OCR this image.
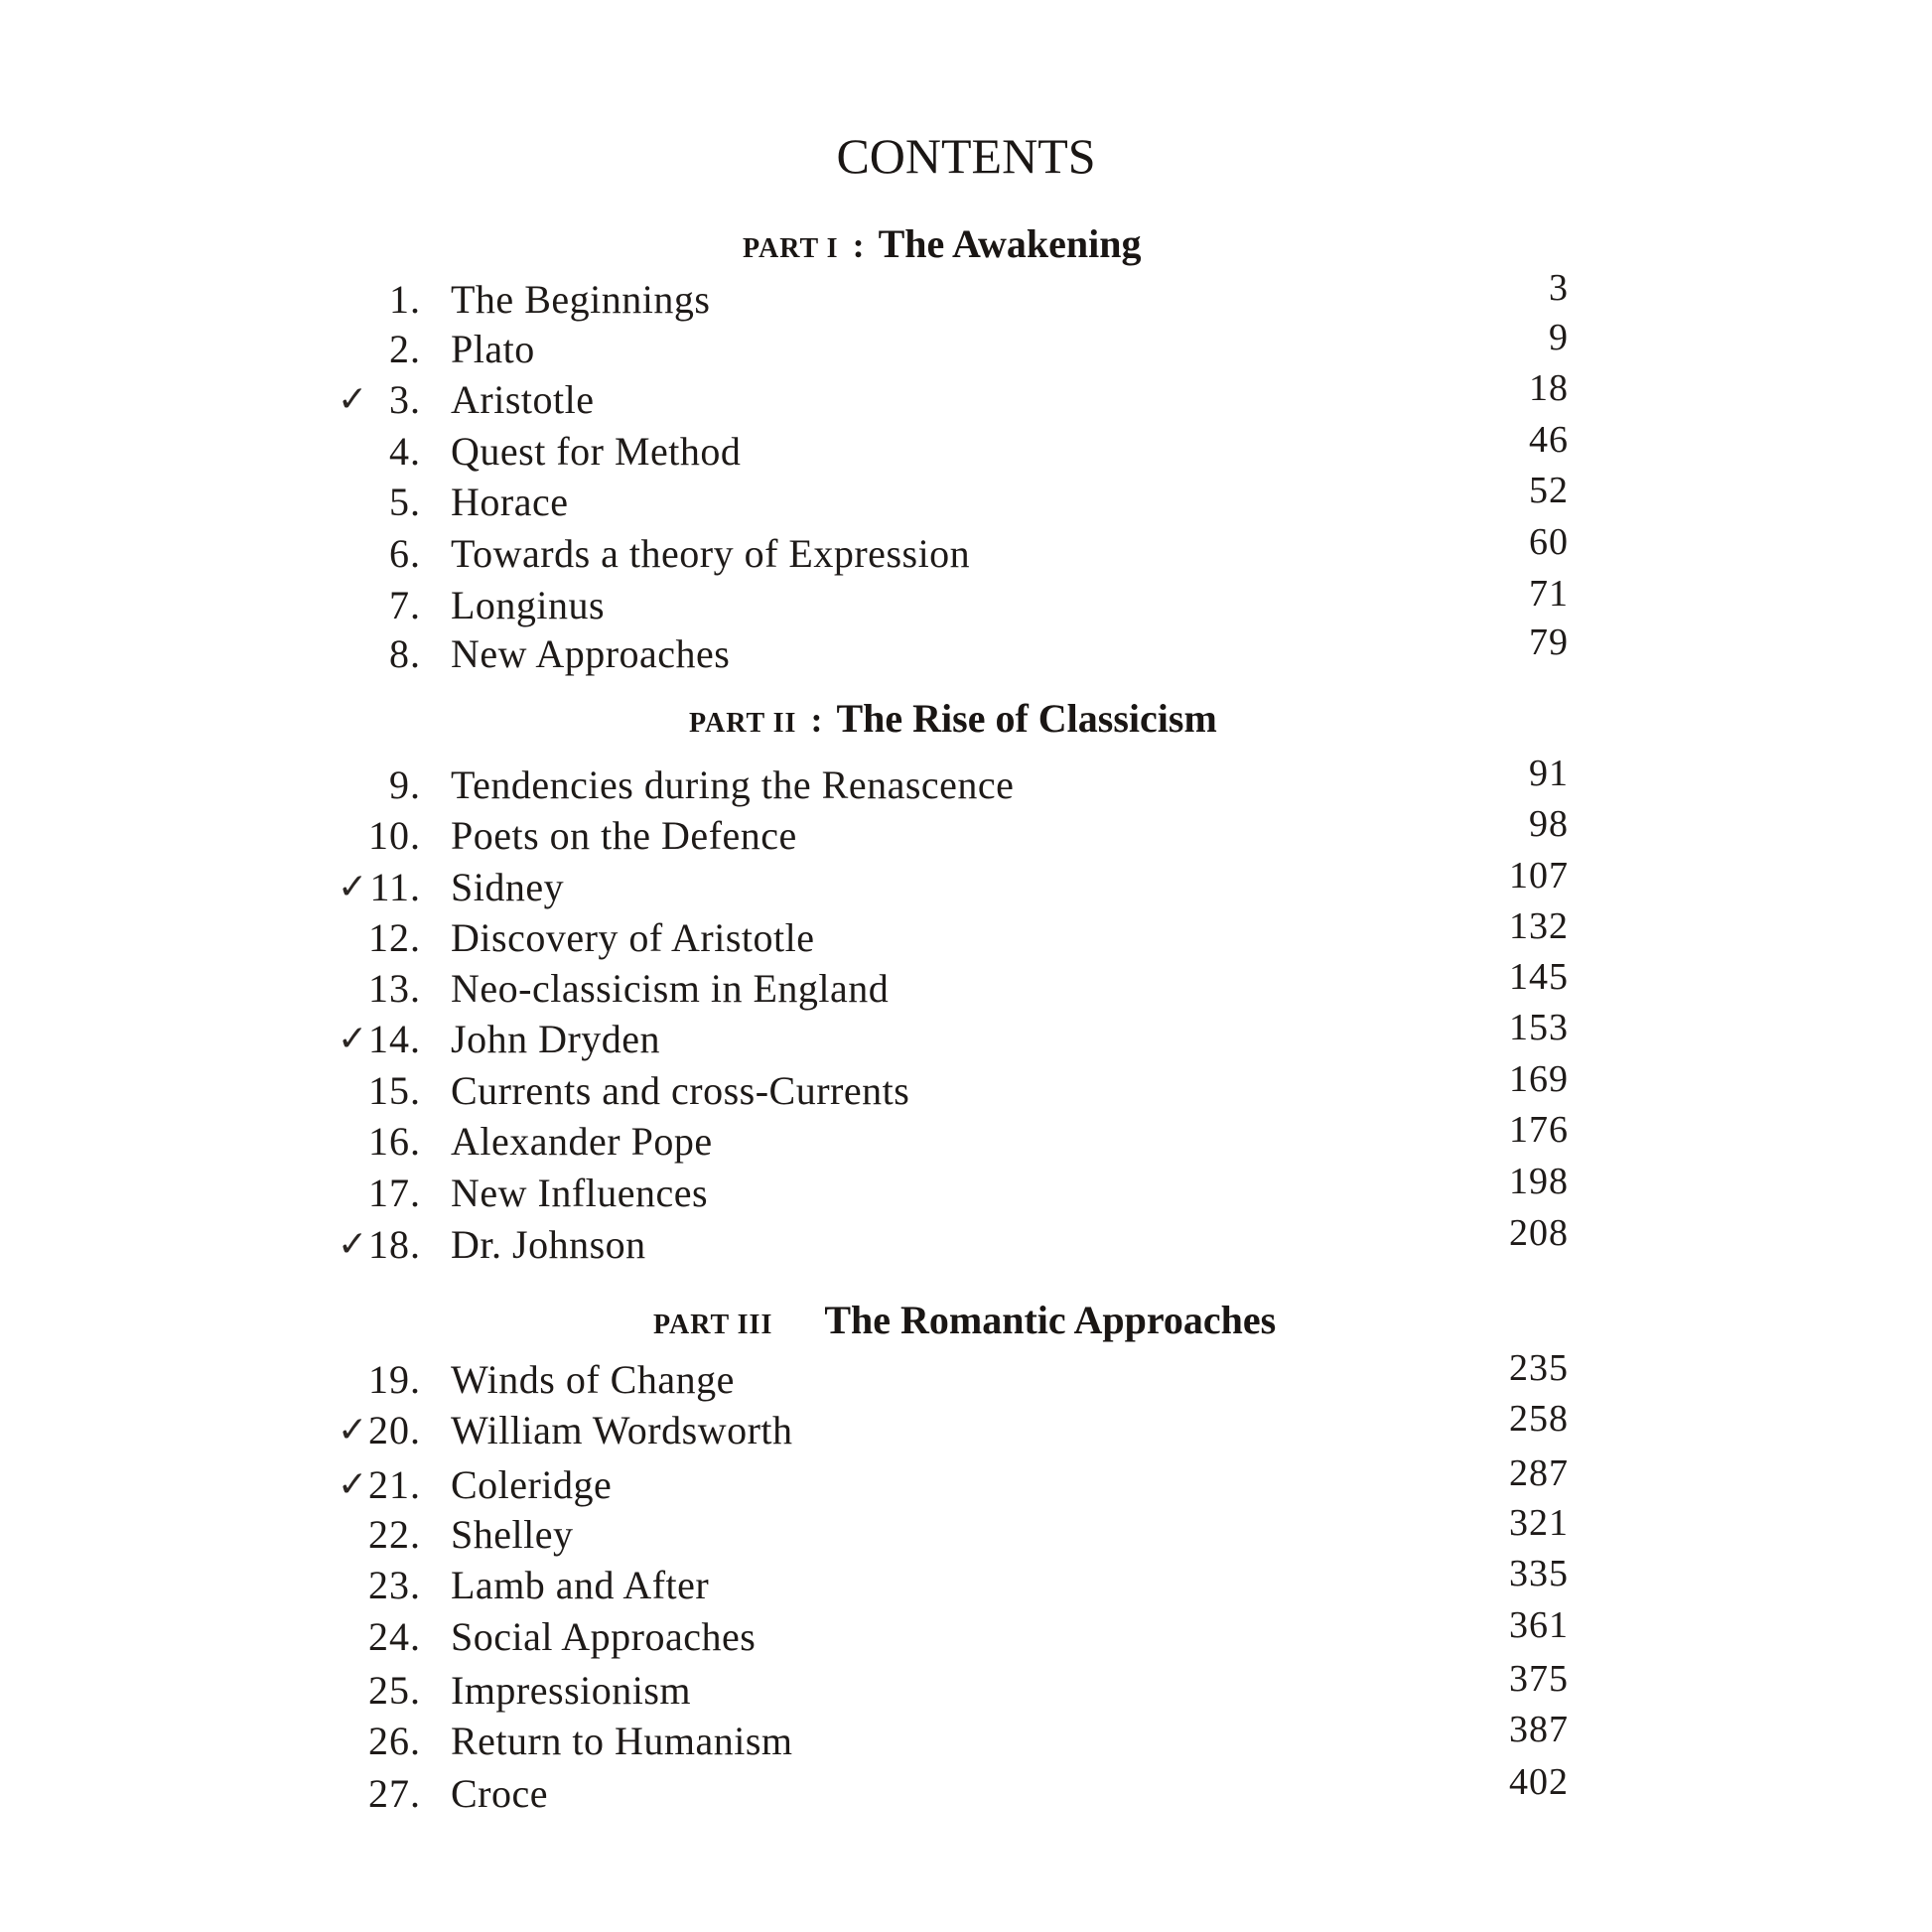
CONTENTS
PART I : The Awakening
PART II : The Rise of Classicism
PART III The Romantic Approaches
1. The Beginnings	3
2. Plato	9
✓ 3. Aristotle	18
4. Quest for Method	46
5. Horace	52
6. Towards a theory of Expression	60
7. Longinus	71
8. New Approaches	79
9. Tendencies during the Renascence	91
10. Poets on the Defence	98
✓ 11. Sidney	107
12. Discovery of Aristotle	132
13. Neo-classicism in England	145
✓ 14. John Dryden	153
15. Currents and cross-Currents	169
16. Alexander Pope	176
17. New Influences	198
✓ 18. Dr. Johnson	208
19. Winds of Change	235
✓ 20. William Wordsworth	258
✓ 21. Coleridge	287
22. Shelley	321
23. Lamb and After	335
24. Social Approaches	361
25. Impressionism	375
26. Return to Humanism	387
27. Croce	402
